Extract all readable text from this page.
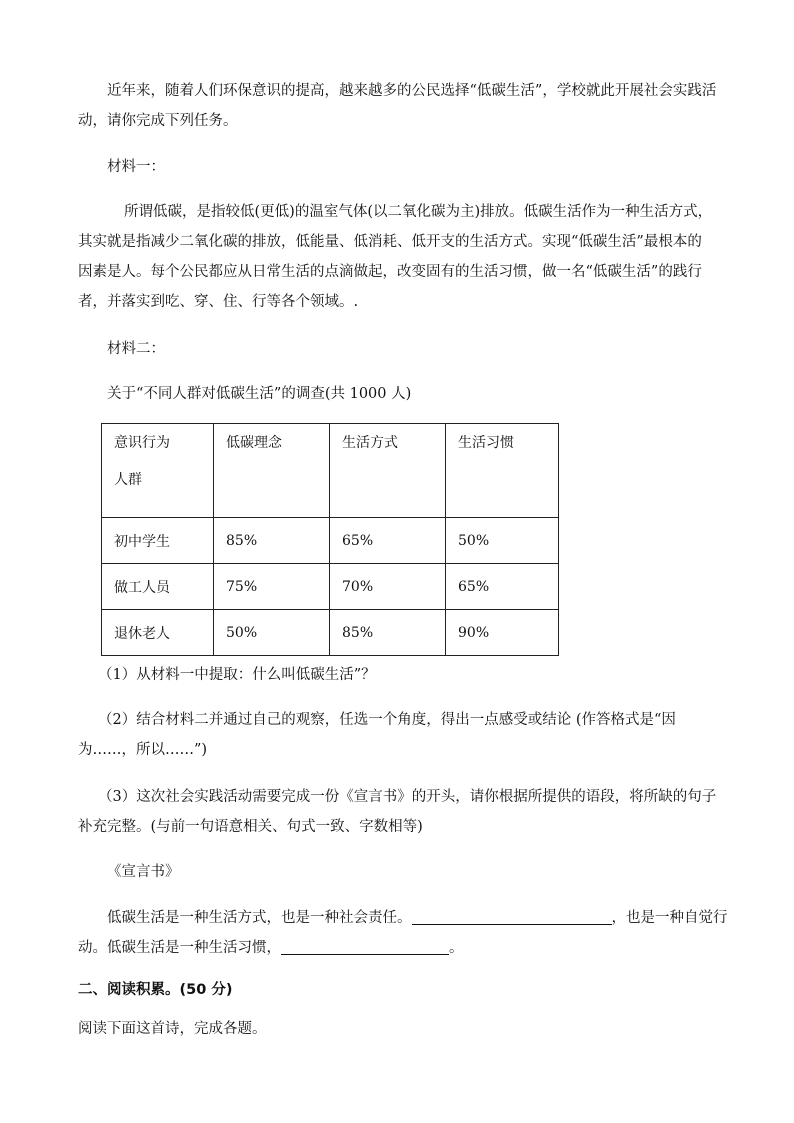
近年来，随着人们环保意识的提高，越来越多的公民选择“低碳生活”，学校就此开展社会实践活

动，请你完成下列任务。

材料一：

所谓低碳，是指较低(更低)的温室气体(以二氧化碳为主)排放。低碳生活作为一种生活方式，

其实就是指减少二氧化碳的排放，低能量、低消耗、低开支的生活方式。实现“低碳生活”最根本的

因素是人。每个公民都应从日常生活的点滴做起，改变固有的生活习惯，做一名“低碳生活”的践行

者，并落实到吃、穿、住、行等各个领域。.

材料二：

关于“不同人群对低碳生活”的调查(共 1000 人)

意识行为
人群	低碳理念	生活方式	生活习惯
初中学生	85%	65%	50%
做工人员	75%	70%	65%
退休老人	50%	85%	90%

（1）从材料一中提取：什么叫低碳生活”？

（2）结合材料二并通过自己的观察，任选一个角度，得出一点感受或结论 (作答格式是“因

为……，所以……”)

（3）这次社会实践活动需要完成一份《宣言书》的开头，请你根据所提供的语段，将所缺的句子

补充完整。(与前一句语意相关、句式一致、字数相等)

《宣言书》

低碳生活是一种生活方式，也是一种社会责任。	，也是一种自觉行

动。低碳生活是一种生活习惯，	。

二、阅读积累。(50 分)

阅读下面这首诗，完成各题。
